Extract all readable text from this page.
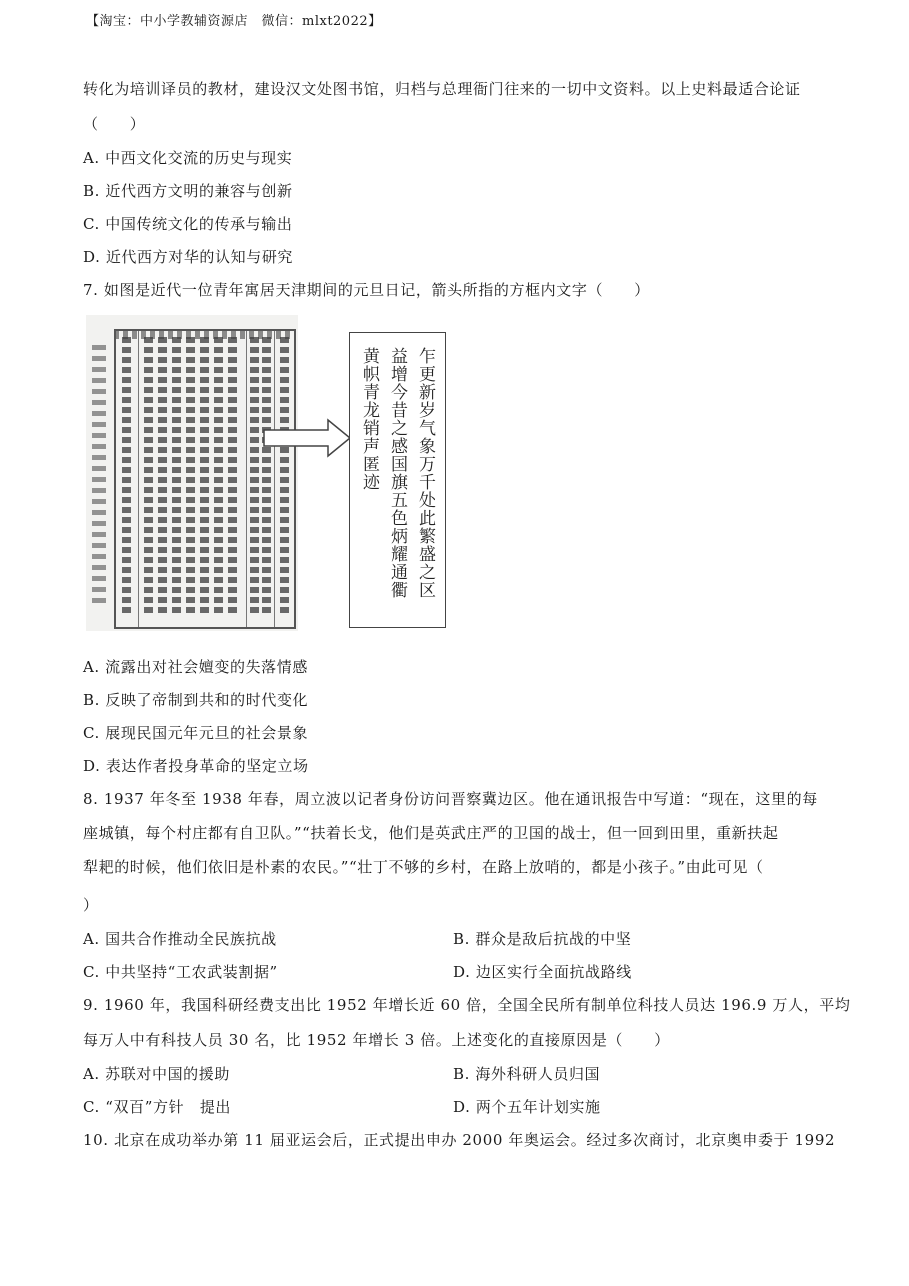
【淘宝：中小学教辅资源店　微信：mlxt2022】
转化为培训译员的教材，建设汉文处图书馆，归档与总理衙门往来的一切中文资料。以上史料最适合论证
（　　）
A. 中西文化交流的历史与现实
B. 近代西方文明的兼容与创新
C. 中国传统文化的传承与输出
D. 近代西方对华的认知与研究
7. 如图是近代一位青年寓居天津期间的元旦日记，箭头所指的方框内文字（　　）
乍更新岁气象万千处此繁盛之区
益增今昔之感国旗五色炳耀通衢
黄帜青龙销声匿迹
A. 流露出对社会嬗变的失落情感
B. 反映了帝制到共和的时代变化
C. 展现民国元年元旦的社会景象
D. 表达作者投身革命的坚定立场
8. 1937 年冬至 1938 年春，周立波以记者身份访问晋察冀边区。他在通讯报告中写道：“现在，这里的每
座城镇，每个村庄都有自卫队。”“扶着长戈，他们是英武庄严的卫国的战士，但一回到田里，重新扶起
犁耙的时候，他们依旧是朴素的农民。”“壮丁不够的乡村，在路上放哨的，都是小孩子。”由此可见（
）
A. 国共合作推动全民族抗战	B. 群众是敌后抗战的中坚
C. 中共坚持“工农武装割据”	D. 边区实行全面抗战路线
9. 1960 年，我国科研经费支出比 1952 年增长近 60 倍，全国全民所有制单位科技人员达 196.9 万人，平均
每万人中有科技人员 30 名，比 1952 年增长 3 倍。上述变化的直接原因是（　　）
A. 苏联对中国的援助	B. 海外科研人员归国
C. “双百”方针　提出	D. 两个五年计划实施
10. 北京在成功举办第 11 届亚运会后，正式提出申办 2000 年奥运会。经过多次商讨，北京奥申委于 1992
